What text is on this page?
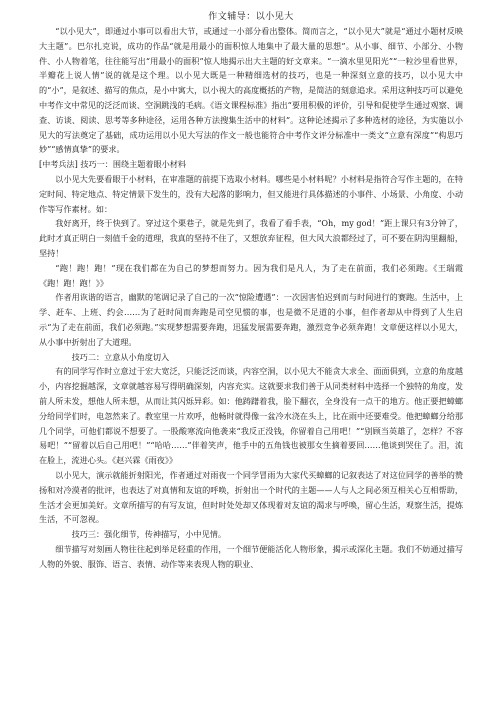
作文辅导：以小见大

“以小见大”，即通过小事可以看出大节，或通过一小部分看出整体。简而言之，“以小见大”就是“通过小题材反映大主题”。巴尔扎克说，成功的作品“就是用最小的面积惊人地集中了最大量的思想”。从小事、细节、小部分、小物件、小人物着笔，往往能写出“用最小的面积”惊人地揭示出大主题的好文章来。“一滴水里见阳光”“一粒沙里看世界，半瓣花上说人情”说的就是这个理。以小见大既是一种精细选材的技巧，也是一种深刻立意的技巧，以小见大中的“小”，是叙述、描写的焦点，是小中寓大，以小视大的高度概括的产物，是简洁的刻意追求。采用这种技巧可以避免中考作文中常见的泛泛而谈、空洞跳浅的毛病。《语文课程标准》指出“要用积极的评价，引导和促使学生通过观察、调查、访谈、阅读、思考等多种途径，运用各种方法搜集生活中的材料”。这种论述揭示了多种选材的途径，为实施以小见大的写法奠定了基础，成功运用以小见大写法的作文一般也能符合中考作文评分标准中一类文“立意有深度”“构思巧妙”“感情真挚”的要求。

[中考兵法] 技巧一：围绕主题着眼小材料

以小见大先要看眼于小材料，在审准题的前提下选取小材料。哪些是小材料呢？小材料是指符合写作主题的，在特定时间、特定地点、特定情景下发生的，没有大起落的影响力，但又能进行具体描述的小事件、小场景、小角度、小动作等写作素材。如：

我好离开，终于快到了。穿过这个栗巷子，就是先到了，我看了看手表，“Oh，my god！”距上课只有3分钟了，此时才真正明白一刻值千金的道理，我真的坚持不住了，又想放弃征程，但大风大浪都经过了，可不要在阴沟里翻船，坚持！

“跑！跑！跑！”现在我们都在为自己的梦想而努力。因为我们是凡人，为了走在前面，我们必须跑。《王瑞霞《跑！跑！跑！》》

作者用诙谐的语言，幽默的笔调记录了自己的一次“惊险遭遇”：一次因害怕迟到而与时间进行的赛跑。生活中，上学、赶车、上班、约会……为了赶时间而奔跑是司空见惯的事，也是微不足道的小事，但作者却从中得到了人生启示“为了走在前面，我们必须跑。”实现梦想需要奔跑，迅猛发展需要奔跑，激烈竞争必须奔跑！文章便这样以小见大，从小事中折射出了大道理。

技巧二：立意从小角度切入

有的同学写作时立意过于宏大宽泛，只能泛泛而谈，内容空洞，以小见大不能贪大求全、面面俱到，立意的角度越小，内容挖掘越深，文章就越容易写得明确深刻，内容充实。这就要求我们善于从同类材料中选择一个独特的角度，发前人所未发，想他人所未想，从而让其闪烁异彩。如：他踌躇着我，脸下翻衣，全身没有一点干的地方。他正要把蟑螂分给同学们时，电忽然来了。教室里一片欢呼，他畅时就得像一盆冷水浇在头上，比在雨中还要难受。他把蟑螂分给那几个同学，可他们都说不想要了。一股酸寒流向他袭来“我反正没钱，你留着自己用吧！”“别顾当英雄了，怎样？不容易吧！”“留着以后自己用吧！”“哈哈……”伴着笑声，他手中的五角钱也被那女生摘着要回……他谈到哭住了。泪，流在脸上，流进心头。《赵兴霖《雨夜》》

以小见大，演示就能折射阳光，作者通过对雨夜一个同学冒雨为大家代买蟑螂的记叙表达了对这位同学的善举的赞扬和对冷漠者的批评，也表达了对真情和友谊的呼唤，折射出一个时代的主题——人与人之间必须互相关心互相帮助，生活才会更加美好。文章所描写的有写友谊，但时时处处却又体现着对友谊的渴求与呼唤，留心生活，观察生活，提炼生活，不可忽视。

技巧三：强化细节，传神描写，小中见情。

细节描写对刻画人物往往起到举足轻重的作用，一个细节便能活化人物形象，揭示或深化主题。我们不妨通过描写人物的外貌、服饰、语言、表情、动作等来表现人物的职业、
